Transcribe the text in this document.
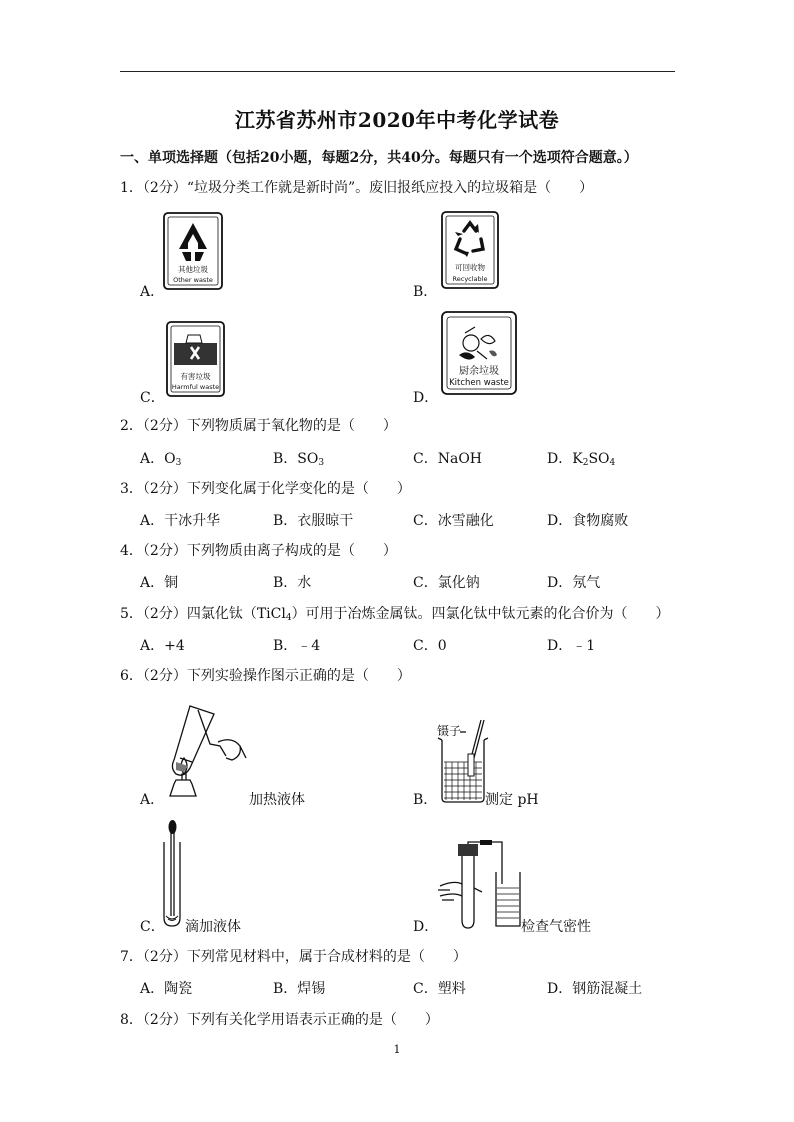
江苏省苏州市2020年中考化学试卷
一、单项选择题（包括20小题，每题2分，共40分。每题只有一个选项符合题意。）
1．（2分）“垃圾分类工作就是新时尚”。废旧报纸应投入的垃圾箱是（　　）
A．
其他垃圾
Other waste
B．
可回收物
Recyclable
C．
有害垃圾
Harmful waste
D．
厨余垃圾
Kitchen waste
2．（2分）下列物质属于氧化物的是（　　）
A．$O_3$	B．$SO_3$	C．NaOH	D．$K_2SO_4$
3．（2分）下列变化属于化学变化的是（　　）
A．干冰升华	B．衣服晾干	C．冰雪融化	D．食物腐败
4．（2分）下列物质由离子构成的是（　　）
A．铜	B．水	C．氯化钠	D．氖气
5．（2分）四氯化钛（TiCl$_4$）可用于冶炼金属钛。四氯化钛中钛元素的化合价为（　　）
A．+4	B．﹣4	C．0	D．﹣1
6．（2分）下列实验操作图示正确的是（　　）
A．	加热液体	B．
镊子
测定 pH
C． 滴加液体	D．	检查气密性
7．（2分）下列常见材料中，属于合成材料的是（　　）
A．陶瓷	B．焊锡	C．塑料	D．钢筋混凝土
8．（2分）下列有关化学用语表示正确的是（　　）
1
